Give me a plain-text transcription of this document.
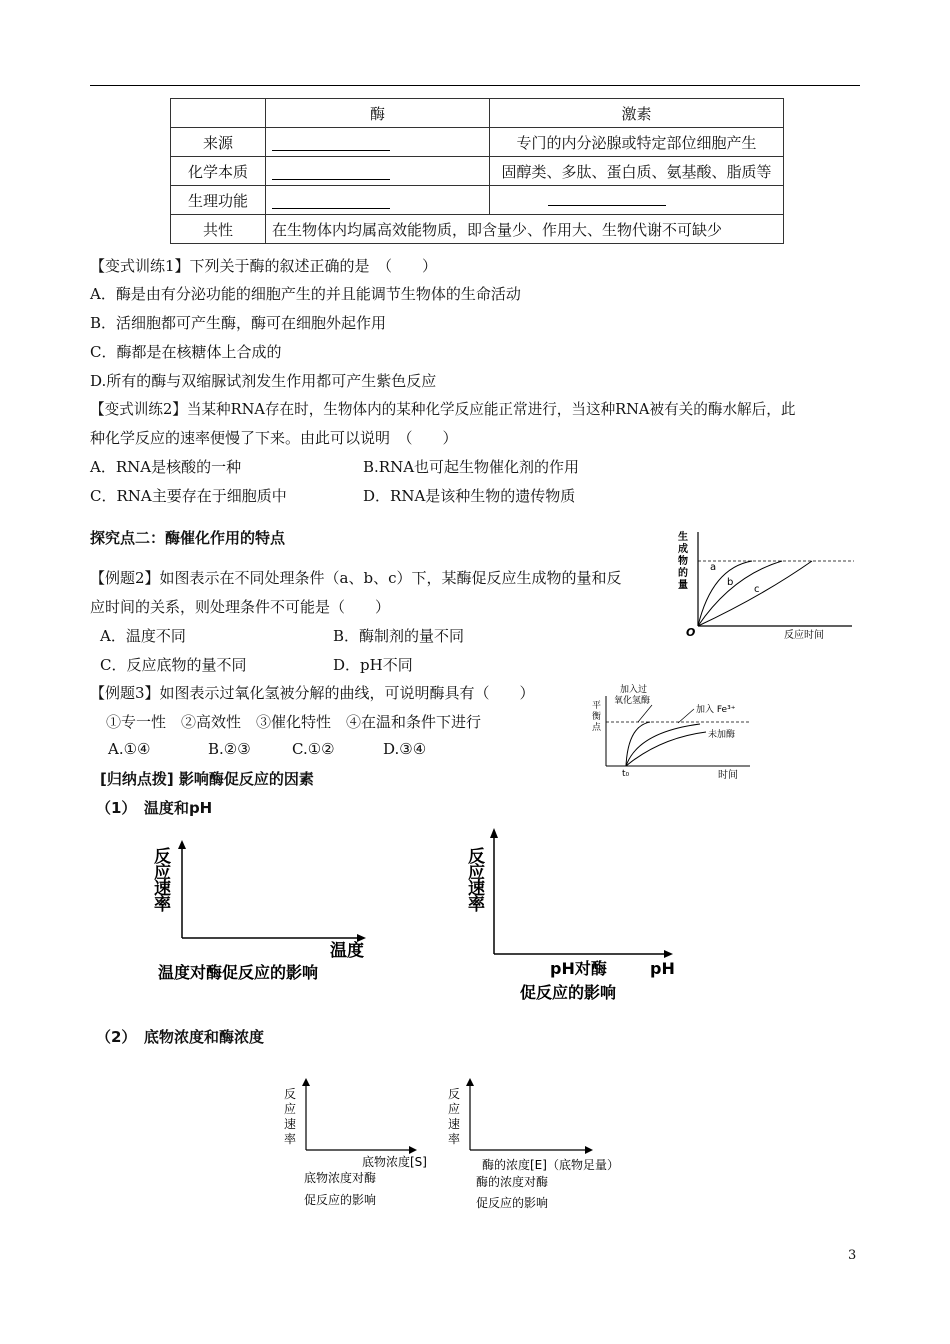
	酶	激素
来源		专门的内分泌腺或特定部位细胞产生
化学本质		固醇类、多肽、蛋白质、氨基酸、脂质等
生理功能		
共性	在生物体内均属高效能物质，即含量少、作用大、生物代谢不可缺少	
【变式训练1】下列关于酶的叙述正确的是　（　　）
A．酶是由有分泌功能的细胞产生的并且能调节生物体的生命活动
B．活细胞都可产生酶，酶可在细胞外起作用
C．酶都是在核糖体上合成的
D.所有的酶与双缩脲试剂发生作用都可产生紫色反应
【变式训练2】当某种RNA存在时，生物体内的某种化学反应能正常进行，当这种RNA被有关的酶水解后，此
种化学反应的速率便慢了下来。由此可以说明　（　　）
A．RNA是核酸的一种	B.RNA也可起生物催化剂的作用
C．RNA主要存在于细胞质中	D．RNA是该种生物的遗传物质
探究点二：酶催化作用的特点
【例题2】如图表示在不同处理条件（a、b、c）下，某酶促反应生成物的量和反
应时间的关系，则处理条件不可能是（　　）
A．温度不同	B．酶制剂的量不同
C．反应底物的量不同	D．pH不同
【例题3】如图表示过氧化氢被分解的曲线，可说明酶具有（　　）
①专一性　②高效性　③催化特性　④在温和条件下进行
A.①④	B.②③	C.①②	D.③④
[归纳点拨] 影响酶促反应的因素
（1）　温度和pH
（2）　底物浓度和酶浓度
生
成
物
的
量
a
b
c
O	反应时间
平
衡
点
加入过
氧化氢酶
加入 Fe³⁺
未加酶
t₀	时间
反
应
速
率
温度
温度对酶促反应的影响
反
应
速
率
pH对酶	pH
促反应的影响
反
应
速
率
底物浓度[S]
底物浓度对酶
促反应的影响
反
应
速
率
酶的浓度[E]（底物足量）
酶的浓度对酶
促反应的影响
3
